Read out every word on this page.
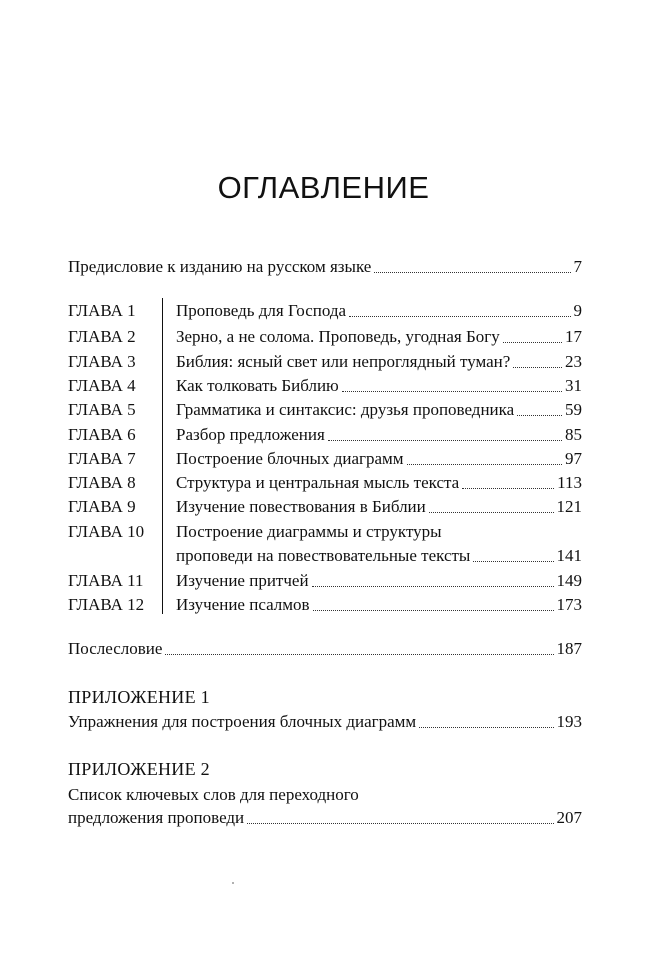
ОГЛАВЛЕНИЕ
Предисловие к изданию на русском языке	7
ГЛАВА 1 Проповедь для Господа	9
ГЛАВА 2 Зерно, а не солома. Проповедь, угодная Богу	17
ГЛАВА 3 Библия: ясный свет или непроглядный туман?	23
ГЛАВА 4 Как толковать Библию	31
ГЛАВА 5 Грамматика и синтаксис: друзья проповедника	59
ГЛАВА 6 Разбор предложения	85
ГЛАВА 7 Построение блочных диаграмм	97
ГЛАВА 8 Структура и центральная мысль текста	113
ГЛАВА 9 Изучение повествования в Библии	121
ГЛАВА 10 Построение диаграммы и структуры
проповеди на повествовательные тексты	141
ГЛАВА 11 Изучение притчей	149
ГЛАВА 12 Изучение псалмов	173
Послесловие	187
ПРИЛОЖЕНИЕ 1
Упражнения для построения блочных диаграмм	193
ПРИЛОЖЕНИЕ 2
Список ключевых слов для переходного
предложения проповеди	207
